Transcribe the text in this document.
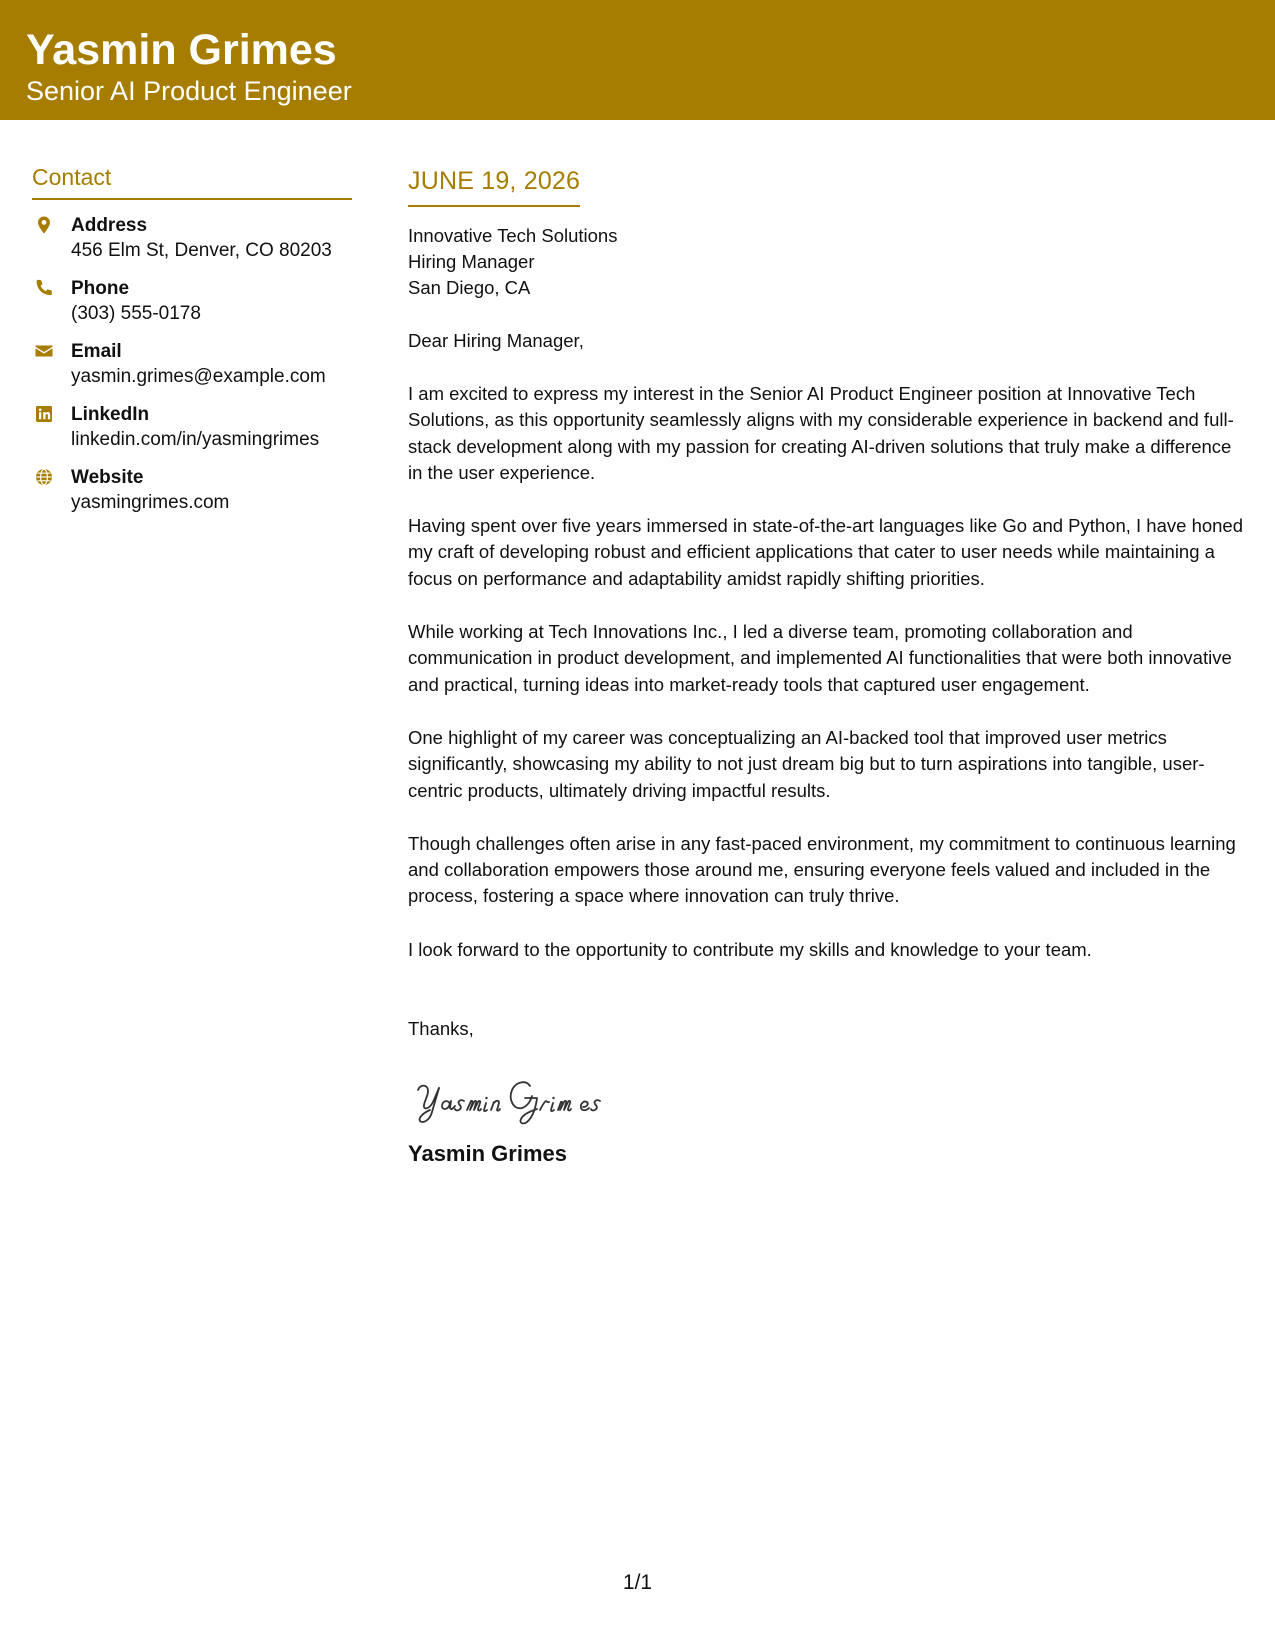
Yasmin Grimes
Senior AI Product Engineer
Contact
Address
456 Elm St, Denver, CO 80203
Phone
(303) 555-0178
Email
yasmin.grimes@example.com
LinkedIn
linkedin.com/in/yasmingrimes
Website
yasmingrimes.com
JUNE 19, 2026
Innovative Tech Solutions
Hiring Manager
San Diego, CA
Dear Hiring Manager,
I am excited to express my interest in the Senior AI Product Engineer position at Innovative Tech Solutions, as this opportunity seamlessly aligns with my considerable experience in backend and full-stack development along with my passion for creating AI-driven solutions that truly make a difference in the user experience.
Having spent over five years immersed in state-of-the-art languages like Go and Python, I have honed my craft of developing robust and efficient applications that cater to user needs while maintaining a focus on performance and adaptability amidst rapidly shifting priorities.
While working at Tech Innovations Inc., I led a diverse team, promoting collaboration and communication in product development, and implemented AI functionalities that were both innovative and practical, turning ideas into market-ready tools that captured user engagement.
One highlight of my career was conceptualizing an AI-backed tool that improved user metrics significantly, showcasing my ability to not just dream big but to turn aspirations into tangible, user-centric products, ultimately driving impactful results.
Though challenges often arise in any fast-paced environment, my commitment to continuous learning and collaboration empowers those around me, ensuring everyone feels valued and included in the process, fostering a space where innovation can truly thrive.
I look forward to the opportunity to contribute my skills and knowledge to your team.
Thanks,
Yasmin Grimes
1/1
